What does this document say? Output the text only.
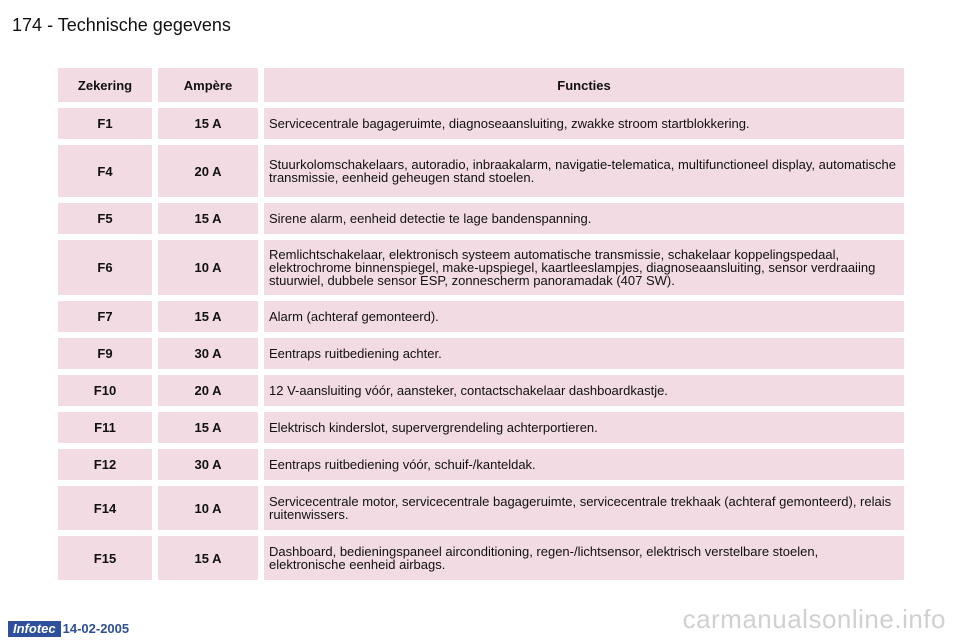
174 - Technische gegevens
Zekering	Ampère	Functies
F1	15 A	Servicecentrale bagageruimte, diagnoseaansluiting, zwakke stroom startblokkering.
F4	20 A	Stuurkolomschakelaars, autoradio, inbraakalarm, navigatie-telematica, multifunctioneel display, automatische transmissie, eenheid geheugen stand stoelen.
F5	15 A	Sirene alarm, eenheid detectie te lage bandenspanning.
F6	10 A	Remlichtschakelaar, elektronisch systeem automatische transmissie, schakelaar koppelingspedaal, elektrochrome binnenspiegel, make-upspiegel, kaartleeslampjes, diagnoseaansluiting, sensor verdraaiing stuurwiel, dubbele sensor ESP, zonnescherm panoramadak (407 SW).
F7	15 A	Alarm (achteraf gemonteerd).
F9	30 A	Eentraps ruitbediening achter.
F10	20 A	12 V-aansluiting vóór, aansteker, contactschakelaar dashboardkastje.
F11	15 A	Elektrisch kinderslot, supervergrendeling achterportieren.
F12	30 A	Eentraps ruitbediening vóór, schuif-/kanteldak.
F14	10 A	Servicecentrale motor, servicecentrale bagageruimte, servicecentrale trekhaak (achteraf gemonteerd), relais ruitenwissers.
F15	15 A	Dashboard, bedieningspaneel airconditioning, regen-/lichtsensor, elektrisch verstelbare stoelen, elektronische eenheid airbags.
Infotec 14-02-2005	carmanualsonline.info
